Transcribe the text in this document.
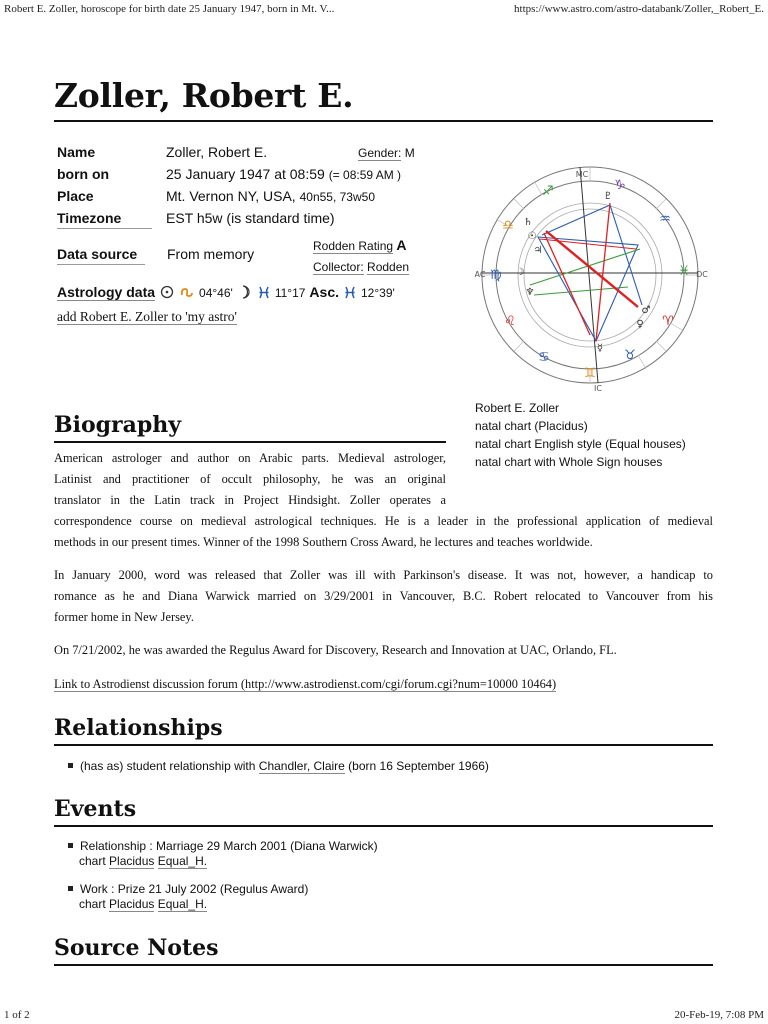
Robert E. Zoller, horoscope for birth date 25 January 1947, born in Mt. V...	https://www.astro.com/astro-databank/Zoller,_Robert_E.
Zoller, Robert E.
Name	Zoller, Robert E.	Gender: M
born on	25 January 1947 at 08:59 (= 08:59 AM )
Place	Mt. Vernon NY, USA, 40n55, 73w50
Timezone	EST h5w (is standard time)
Data source From memory	Rodden Rating A
Collector: Rodden
Astrology data	04°46'	11°17 Asc. 12°39'
add Robert E. Zoller to 'my astro'
♐	♑
♒
♓
♈
♉
♊
♋
♌
♍
♎
MC
AC	DC
IC
☉
♄
♃
☽
♂
♀
☿
♇
♆
Robert E. Zoller
natal chart (Placidus)
natal chart English style (Equal houses)
natal chart with Whole Sign houses
Biography
American astrologer and author on Arabic parts. Medieval astrologer,
Latinist and practitioner of occult philosophy, he was an original
translator in the Latin track in Project Hindsight. Zoller operates a
correspondence course on medieval astrological techniques. He is a leader in the professional application of medieval
methods in our present times. Winner of the 1998 Southern Cross Award, he lectures and teaches worldwide.
In January 2000, word was released that Zoller was ill with Parkinson's disease. It was not, however, a handicap to
romance as he and Diana Warwick married on 3/29/2001 in Vancouver, B.C. Robert relocated to Vancouver from his
former home in New Jersey.
On 7/21/2002, he was awarded the Regulus Award for Discovery, Research and Innovation at UAC, Orlando, FL.
Link to Astrodienst discussion forum (http://www.astrodienst.com/cgi/forum.cgi?num=10000 10464)
Relationships
(has as) student relationship with Chandler, Claire (born 16 September 1966)
Events
Relationship : Marriage 29 March 2001 (Diana Warwick)
chart Placidus Equal_H.
Work : Prize 21 July 2002 (Regulus Award)
chart Placidus Equal_H.
Source Notes
1 of 2	20-Feb-19, 7:08 PM
